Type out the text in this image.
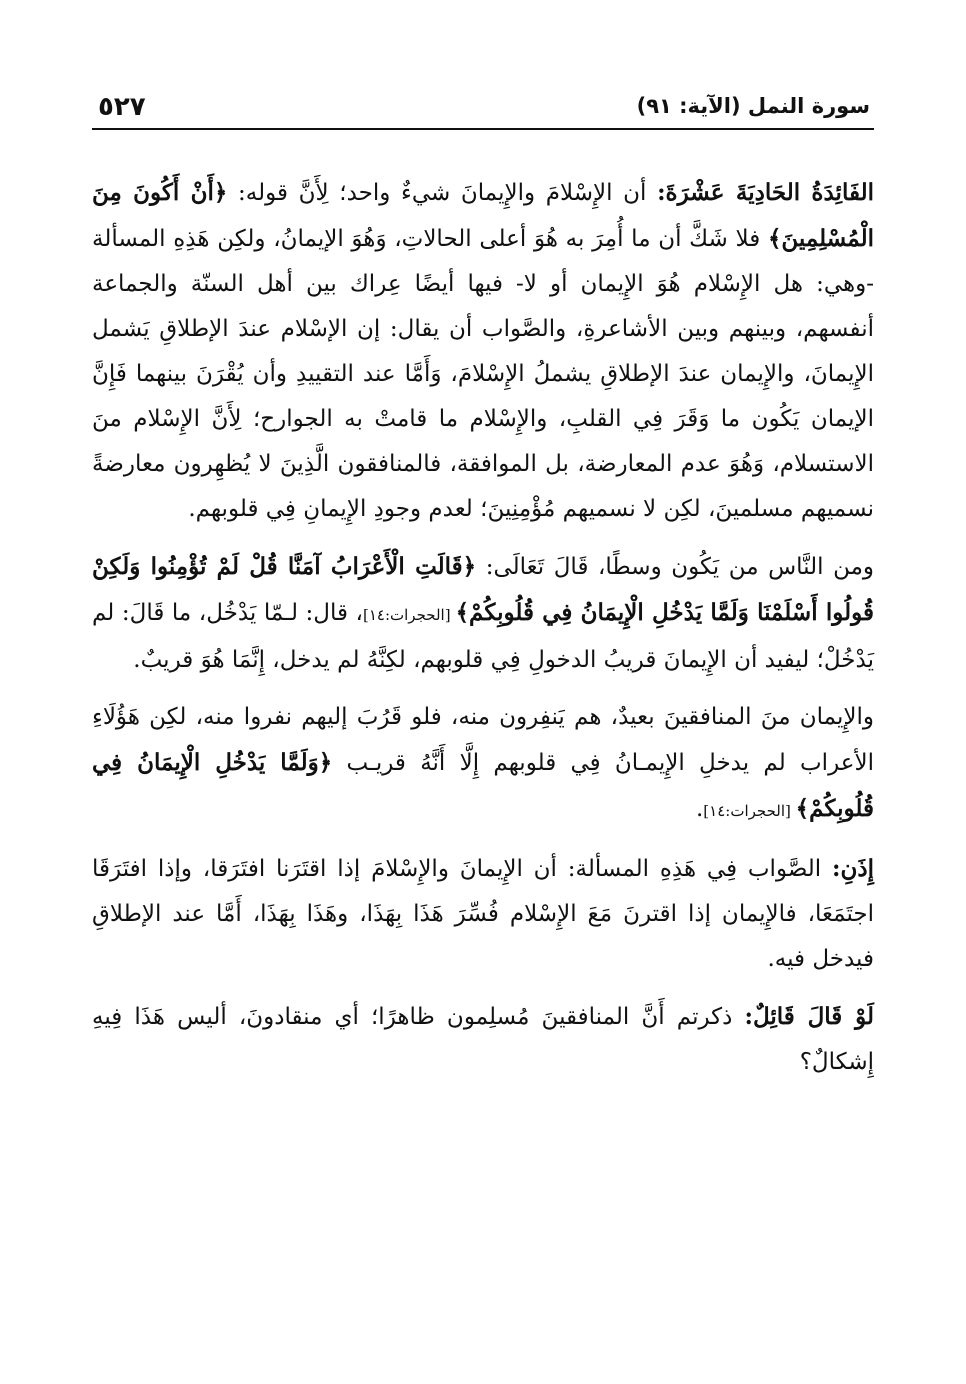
٥٢٧	سورة النمل (الآية: ٩١)

الفَائِدَةُ الحَادِيَةَ عَشْرَةَ: أن الإِسْلامَ والإِيمانَ شيءٌ واحد؛ لِأَنَّ قوله: ﴿أَنْ أَكُونَ مِنَ الْمُسْلِمِينَ﴾ فلا شَكَّ أن ما أُمِرَ به هُوَ أعلى الحالاتِ، وَهُوَ الإيمانُ، ولكِن هَذِهِ المسألة -وهي: هل الإِسْلام هُوَ الإِيمان أو لا- فيها أيضًا عِراك بين أهل السنّة والجماعة أنفسهم، وبينهم وبين الأشاعرةِ، والصَّواب أن يقال: إن الإسْلام عندَ الإطلاقِ يَشمل الإِيمانَ، والإِيمان عندَ الإطلاقِ يشملُ الإِسْلامَ، وَأَمَّا عند التقييدِ وأن يُقْرَنَ بينهما فَإِنَّ الإيمان يَكُون ما وَقَرَ فِي القلبِ، والإِسْلام ما قامتْ به الجوارح؛ لِأَنَّ الإِسْلام منَ الاستسلام، وَهُوَ عدم المعارضة، بل الموافقة، فالمنافقون الَّذِينَ لا يُظهِرون معارضةً نسميهم مسلمينَ، لكِن لا نسميهم مُؤْمِنِينَ؛ لعدم وجودِ الإِيمانِ فِي قلوبهم.

ومن النَّاس من يَكُون وسطًا، قَالَ تَعَالَى: ﴿قَالَتِ الْأَعْرَابُ آمَنَّا قُلْ لَمْ تُؤْمِنُوا وَلَكِنْ قُولُوا أَسْلَمْنَا وَلَمَّا يَدْخُلِ الْإِيمَانُ فِي قُلُوبِكُمْ﴾ [الحجرات:١٤]، قال: لـمّا يَدْخُل، ما قَالَ: لم يَدْخُلْ؛ ليفيد أن الإِيمانَ قريبُ الدخولِ فِي قلوبهم، لكِنَّهُ لم يدخل، إِنَّمَا هُوَ قريبٌ.

والإِيمان منَ المنافقينَ بعيدٌ، هم يَنفِرون منه، فلو قَرُبَ إليهم نفروا منه، لكِن هَؤُلَاءِ الأعراب لم يدخلِ الإِيمـانُ فِي قلوبهم إِلَّا أَنَّهُ قريـب ﴿وَلَمَّا يَدْخُلِ الْإِيمَانُ فِي قُلُوبِكُمْ﴾ [الحجرات:١٤].

إِذَنِ: الصَّواب فِي هَذِهِ المسألة: أن الإِيمانَ والإِسْلامَ إذا اقتَرَنا افتَرَقا، وإذا افتَرَقَا اجتَمَعَا، فالإِيمان إذا اقترنَ مَعَ الإِسْلام فُسِّرَ هَذَا بِهَذَا، وهَذَا بِهَذَا، أَمَّا عند الإطلاقِ فيدخل فيه.

لَوْ قَالَ قَائِلٌ: ذكرتم أَنَّ المنافقينَ مُسلِمون ظاهرًا؛ أي منقادونَ، أليس هَذَا فِيهِ إِشكالٌ؟
